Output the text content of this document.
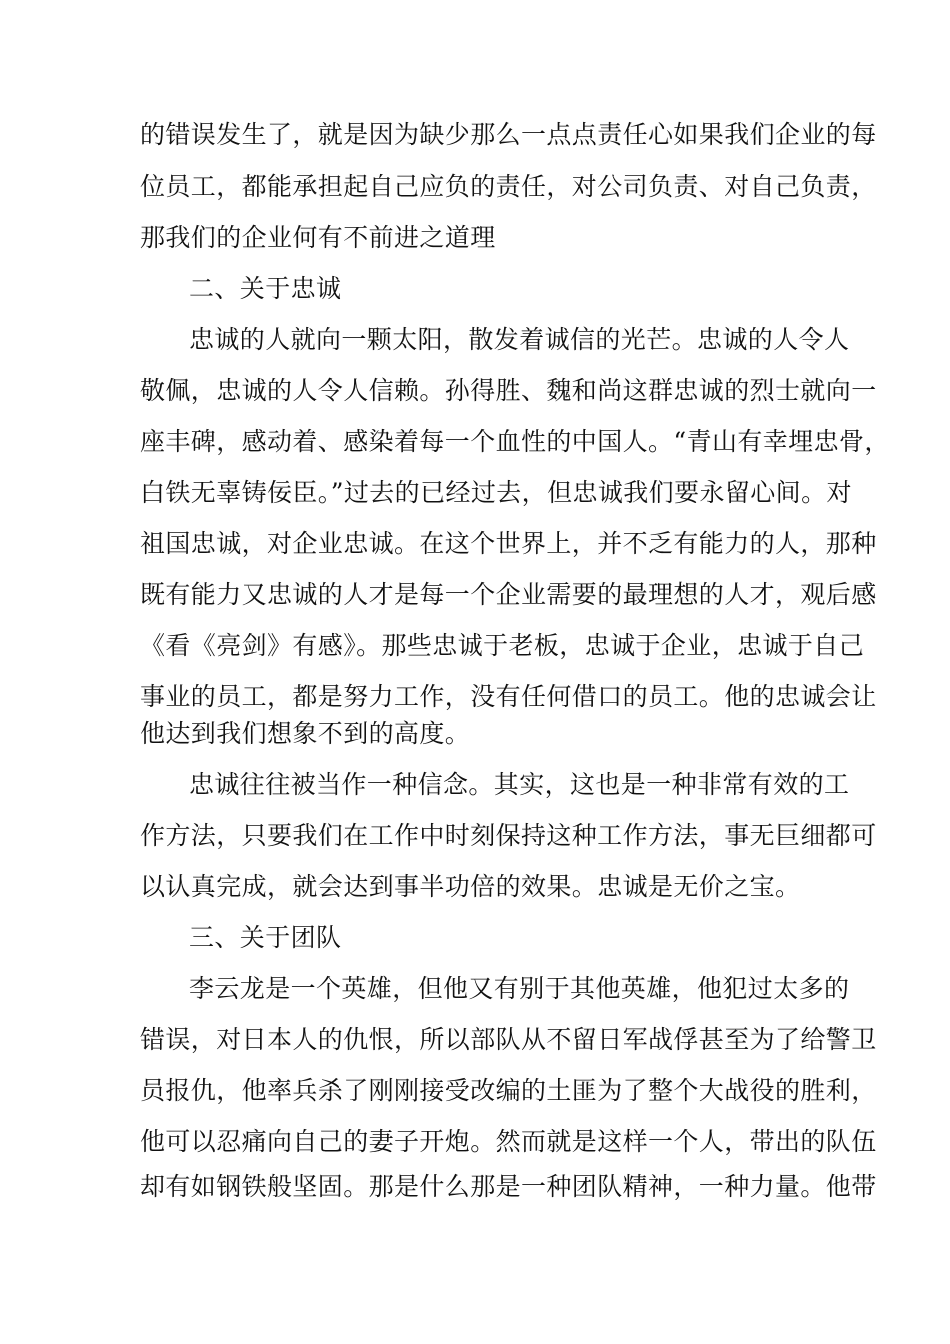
的错误发生了，就是因为缺少那么一点点责任心如果我们企业的每
位员工，都能承担起自己应负的责任，对公司负责、对自己负责，
那我们的企业何有不前进之道理
二、关于忠诚
忠诚的人就向一颗太阳，散发着诚信的光芒。忠诚的人令人
敬佩，忠诚的人令人信赖。孙得胜、魏和尚这群忠诚的烈士就向一
座丰碑，感动着、感染着每一个血性的中国人。“青山有幸埋忠骨，
白铁无辜铸佞臣。”过去的已经过去，但忠诚我们要永留心间。对
祖国忠诚，对企业忠诚。在这个世界上，并不乏有能力的人，那种
既有能力又忠诚的人才是每一个企业需要的最理想的人才，观后感
《看《亮剑》有感》。那些忠诚于老板，忠诚于企业，忠诚于自己
事业的员工，都是努力工作，没有任何借口的员工。他的忠诚会让
他达到我们想象不到的高度。
忠诚往往被当作一种信念。其实，这也是一种非常有效的工
作方法，只要我们在工作中时刻保持这种工作方法，事无巨细都可
以认真完成，就会达到事半功倍的效果。忠诚是无价之宝。
三、关于团队
李云龙是一个英雄，但他又有别于其他英雄，他犯过太多的
错误，对日本人的仇恨，所以部队从不留日军战俘甚至为了给警卫
员报仇，他率兵杀了刚刚接受改编的土匪为了整个大战役的胜利，
他可以忍痛向自己的妻子开炮。然而就是这样一个人，带出的队伍
却有如钢铁般坚固。那是什么那是一种团队精神，一种力量。他带
